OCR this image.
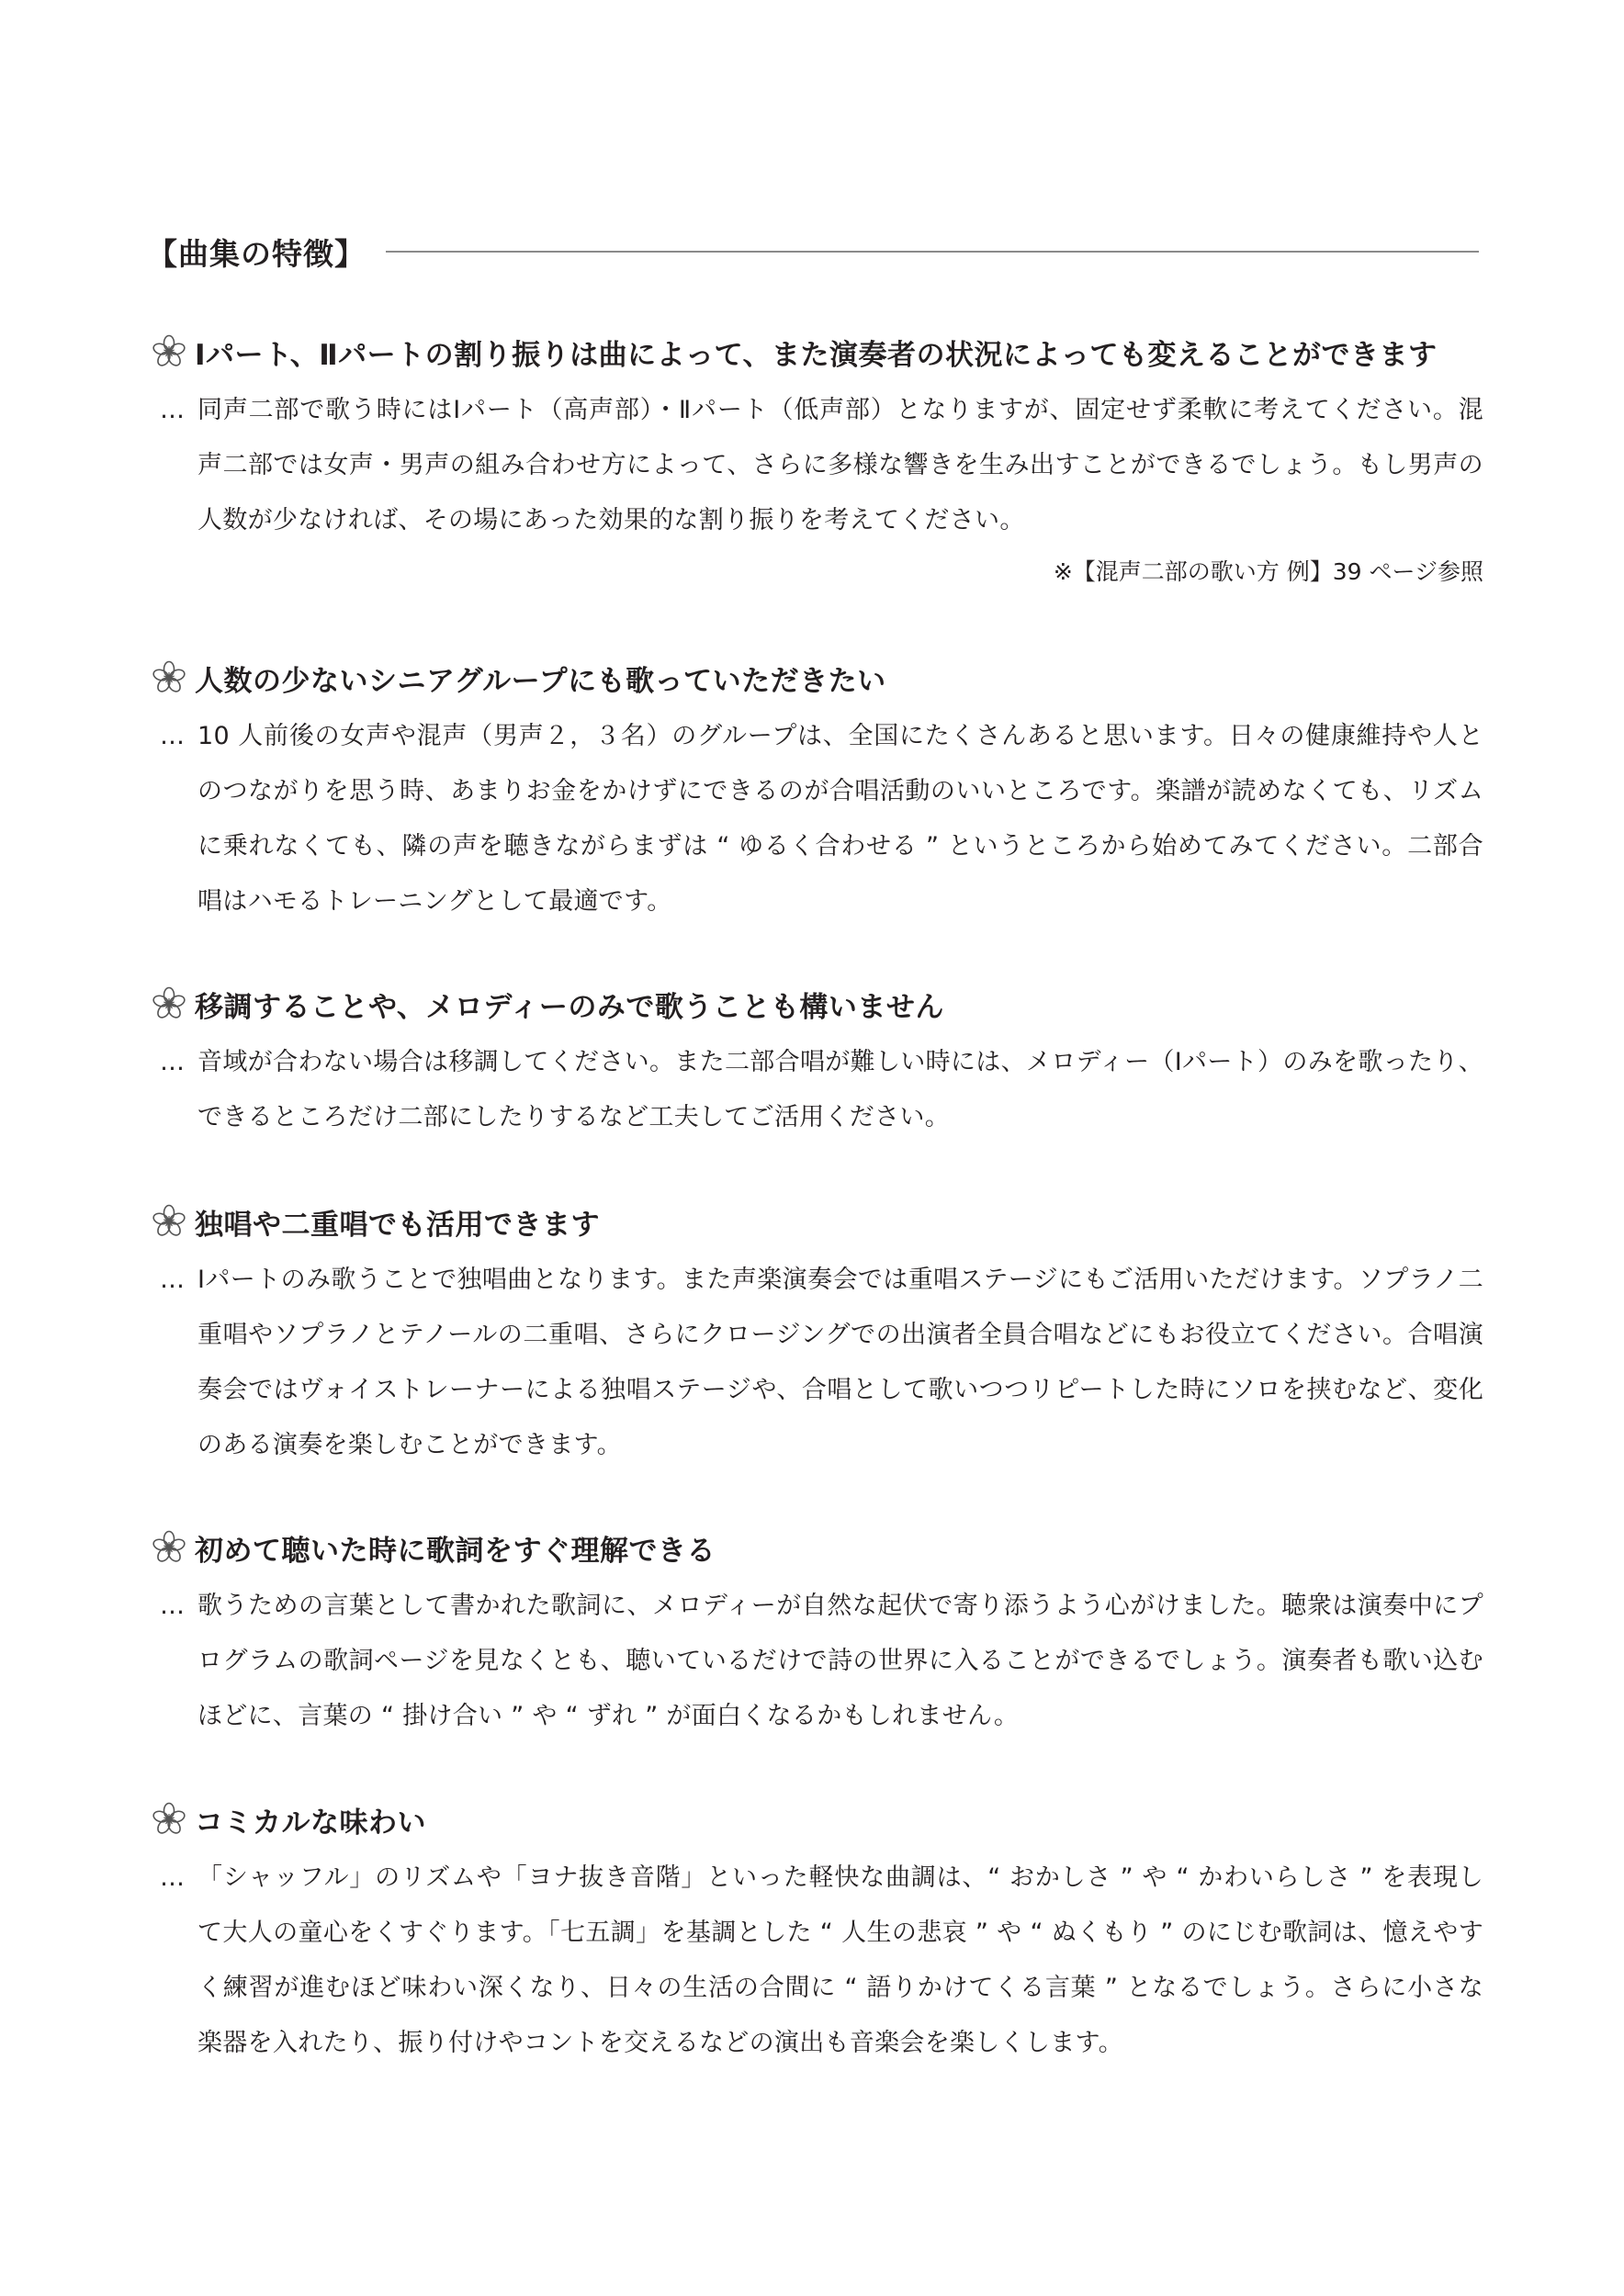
【曲集の特徴】
Ⅰパート、Ⅱパートの割り振りは曲によって、また演奏者の状況によっても変えることができます
… 同声二部で歌う時にはⅠパート（高声部）・Ⅱパート（低声部）となりますが、固定せず柔軟に考えてください。混声二部では女声・男声の組み合わせ方によって、さらに多様な響きを生み出すことができるでしょう。もし男声の人数が少なければ、その場にあった効果的な割り振りを考えてください。
※【混声二部の歌い方 例】39 ページ参照
人数の少ないシニアグループにも歌っていただきたい
… 10 人前後の女声や混声（男声２，３名）のグループは、全国にたくさんあると思います。日々の健康維持や人とのつながりを思う時、あまりお金をかけずにできるのが合唱活動のいいところです。楽譜が読めなくても、リズムに乗れなくても、隣の声を聴きながらまずは “ ゆるく合わせる ” というところから始めてみてください。二部合唱はハモるトレーニングとして最適です。
移調することや、メロディーのみで歌うことも構いません
… 音域が合わない場合は移調してください。また二部合唱が難しい時には、メロディー（Ⅰパート）のみを歌ったり、できるところだけ二部にしたりするなど工夫してご活用ください。
独唱や二重唱でも活用できます
… Ⅰパートのみ歌うことで独唱曲となります。また声楽演奏会では重唱ステージにもご活用いただけます。ソプラノ二重唱やソプラノとテノールの二重唱、さらにクロージングでの出演者全員合唱などにもお役立てください。合唱演奏会ではヴォイストレーナーによる独唱ステージや、合唱として歌いつつリピートした時にソロを挟むなど、変化のある演奏を楽しむことができます。
初めて聴いた時に歌詞をすぐ理解できる
… 歌うための言葉として書かれた歌詞に、メロディーが自然な起伏で寄り添うよう心がけました。聴衆は演奏中にプログラムの歌詞ページを見なくとも、聴いているだけで詩の世界に入ることができるでしょう。演奏者も歌い込むほどに、言葉の “ 掛け合い ” や “ ずれ ” が面白くなるかもしれません。
コミカルな味わい
… 「シャッフル」のリズムや「ヨナ抜き音階」といった軽快な曲調は、“ おかしさ ” や “ かわいらしさ ” を表現して大人の童心をくすぐります。「七五調」を基調とした “ 人生の悲哀 ” や “ ぬくもり ” のにじむ歌詞は、憶えやすく練習が進むほど味わい深くなり、日々の生活の合間に “ 語りかけてくる言葉 ” となるでしょう。さらに小さな楽器を入れたり、振り付けやコントを交えるなどの演出も音楽会を楽しくします。
